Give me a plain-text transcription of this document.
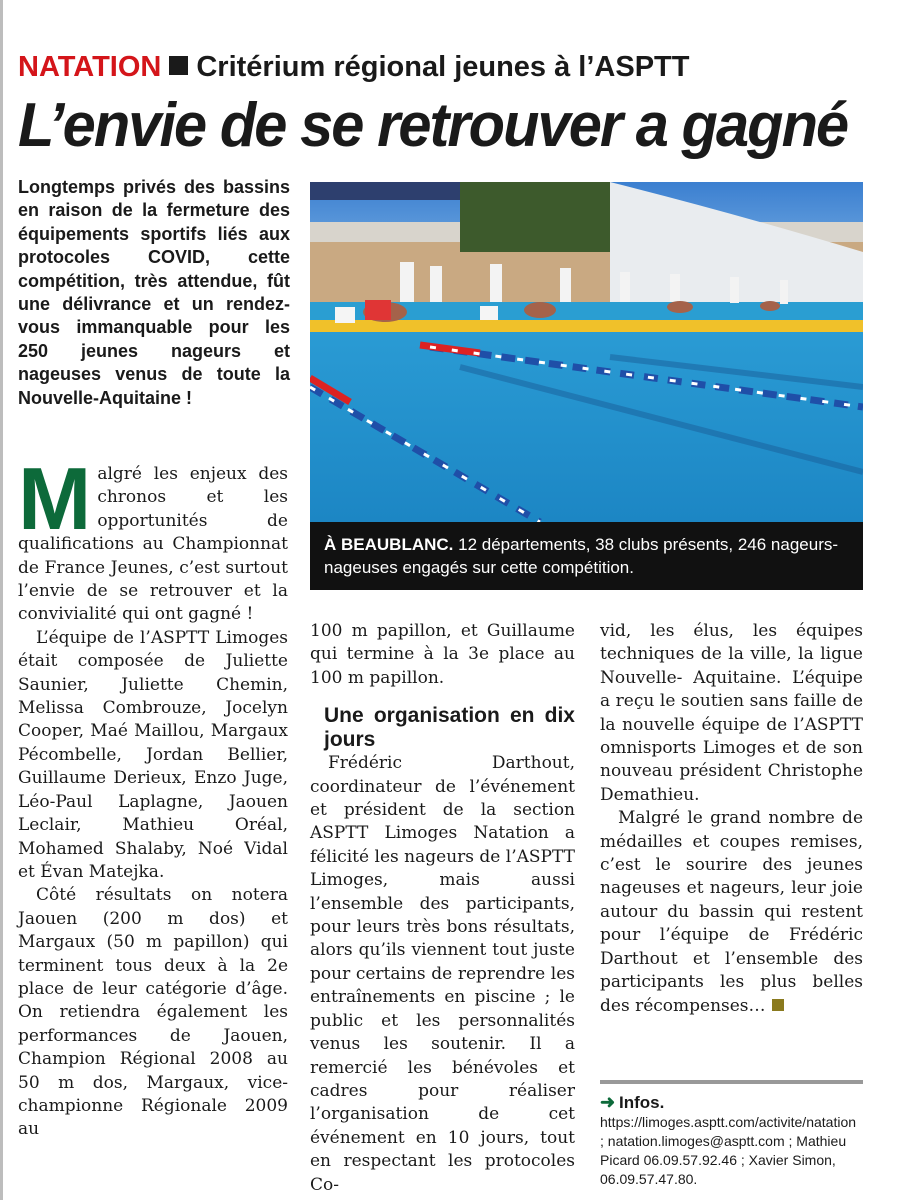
NATATION Critérium régional jeunes à l’ASPTT
L’envie de se retrouver a gagné
Longtemps privés des bassins en raison de la fermeture des équipements sportifs liés aux protocoles COVID, cette compétition, très attendue, fût une délivrance et un rendez-vous immanquable pour les 250 jeunes nageurs et nageuses venus de toute la Nouvelle-Aquitaine !
À BEAUBLANC. 12 départements, 38 clubs présents, 246 nageurs-nageuses engagés sur cette compétition.

Malgré les enjeux des chronos et les opportunités de qualifications au Championnat de France Jeunes, c’est surtout l’envie de se retrouver et la convivialité qui ont gagné !

L’équipe de l’ASPTT Limoges était composée de Juliette Saunier, Juliette Chemin, Melissa Combrouze, Jocelyn Cooper, Maé Maillou, Margaux Pécombelle, Jordan Bellier, Guillaume Derieux, Enzo Juge, Léo-Paul Laplagne, Jaouen Leclair, Mathieu Oréal, Mohamed Shalaby, Noé Vidal et Évan Matejka.

Côté résultats on notera Jaouen (200 m dos) et Margaux (50 m papillon) qui terminent tous deux à la 2e place de leur catégorie d’âge. On retiendra également les performances de Jaouen, Champion Régional 2008 au 50 m dos, Margaux, vice-championne Régionale 2009 au

100 m papillon, et Guillaume qui termine à la 3e place au 100 m papillon.

Une organisation en dix jours

Frédéric Darthout, coordinateur de l’événement et président de la section ASPTT Limoges Natation a félicité les nageurs de l’ASPTT Limoges, mais aussi l’ensemble des participants, pour leurs très bons résultats, alors qu’ils viennent tout juste pour certains de reprendre les entraînements en piscine ; le public et les personnalités venus les soutenir. Il a remercié les bénévoles et cadres pour réaliser l’organisation de cet événement en 10 jours, tout en respectant les protocoles Co-

vid, les élus, les équipes techniques de la ville, la ligue Nouvelle- Aquitaine. L’équipe a reçu le soutien sans faille de la nouvelle équipe de l’ASPTT omnisports Limoges et de son nouveau président Christophe Demathieu.

Malgré le grand nombre de médailles et coupes remises, c’est le sourire des jeunes nageuses et nageurs, leur joie autour du bassin qui restent pour l’équipe de Frédéric Darthout et l’ensemble des participants les plus belles des récompenses…

➜ Infos. https://limoges.asptt.com/activite/natation ; natation.limoges@asptt.com ; Mathieu Picard 06.09.57.92.46 ; Xavier Simon, 06.09.57.47.80.
